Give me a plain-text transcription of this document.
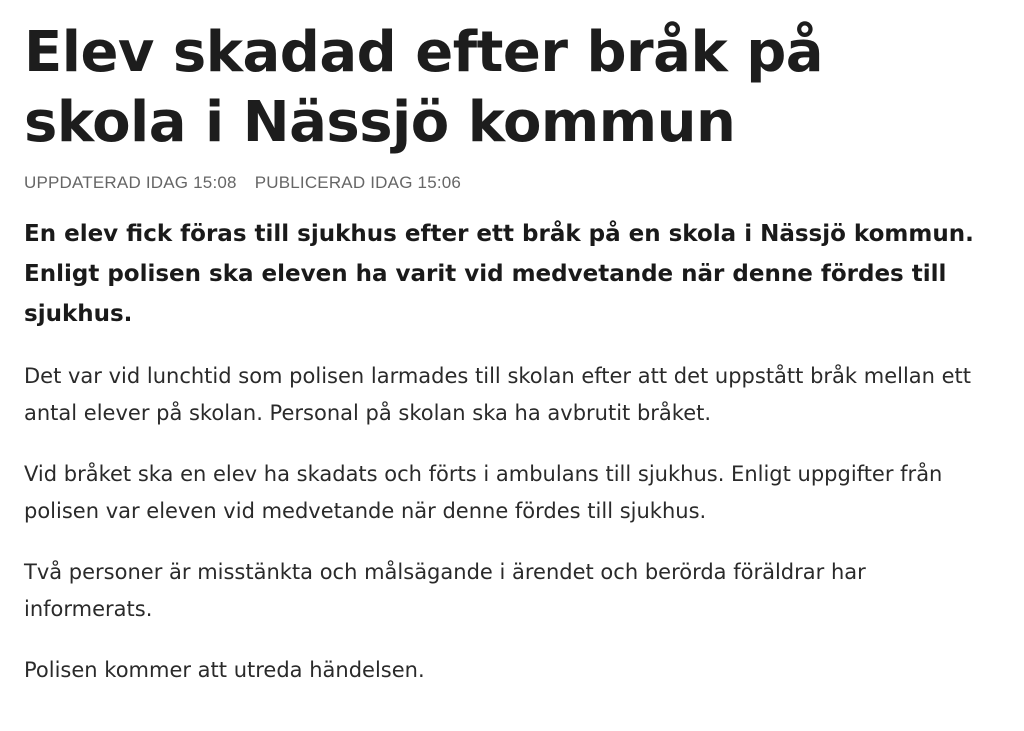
Elev skadad efter bråk på skola i Nässjö kommun
UPPDATERAD IDAG 15:08 PUBLICERAD IDAG 15:06

En elev fick föras till sjukhus efter ett bråk på en skola i Nässjö kommun. Enligt polisen ska eleven ha varit vid medvetande när denne fördes till sjukhus.

Det var vid lunchtid som polisen larmades till skolan efter att det uppstått bråk mellan ett antal elever på skolan. Personal på skolan ska ha avbrutit bråket.

Vid bråket ska en elev ha skadats och förts i ambulans till sjukhus. Enligt uppgifter från polisen var eleven vid medvetande när denne fördes till sjukhus.

Två personer är misstänkta och målsägande i ärendet och berörda föräldrar har informerats.

Polisen kommer att utreda händelsen.
